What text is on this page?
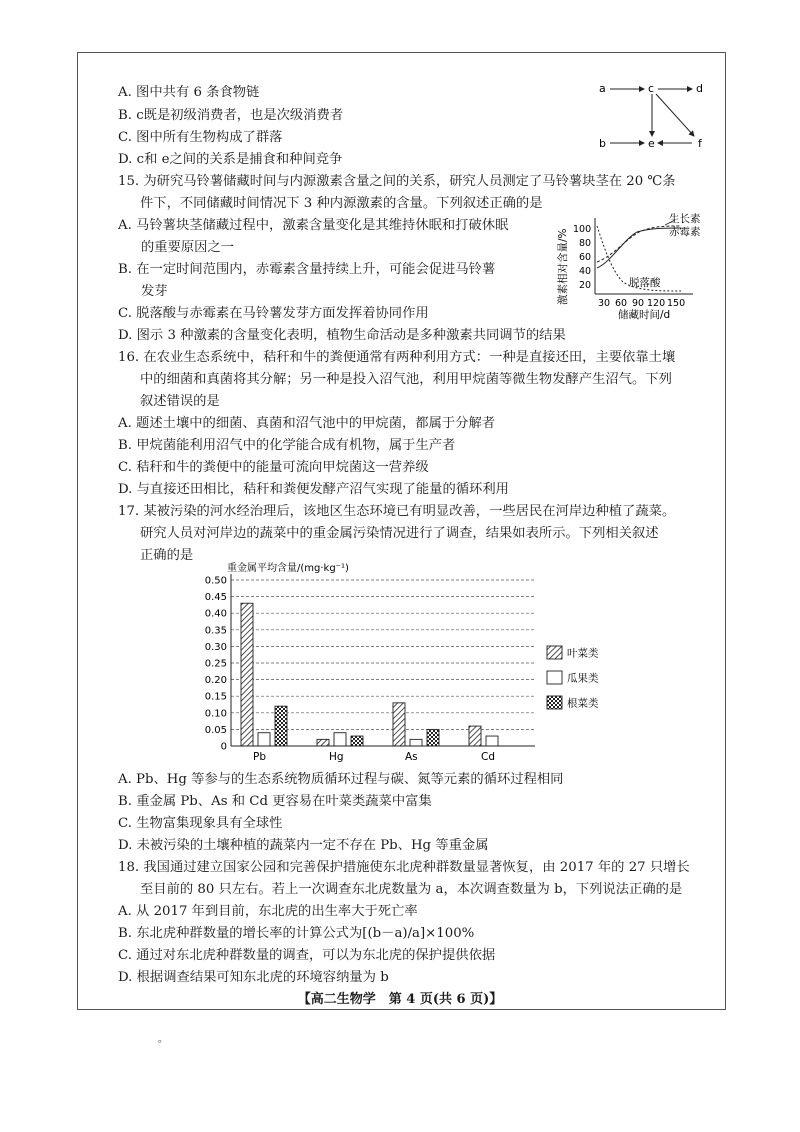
A. 图中共有 6 条食物链
B. c既是初级消费者，也是次级消费者
C. 图中所有生物构成了群落
D. c和 e之间的关系是捕食和种间竞争
a	c	d
b	e	f
15. 为研究马铃薯储藏时间与内源激素含量之间的关系，研究人员测定了马铃薯块茎在 20 ℃条
件下，不同储藏时间情况下 3 种内源激素的含量。下列叙述正确的是
A. 马铃薯块茎储藏过程中，激素含量变化是其维持休眠和打破休眠
的重要原因之一
B. 在一定时间范围内，赤霉素含量持续上升，可能会促进马铃薯
发芽
C. 脱落酸与赤霉素在马铃薯发芽方面发挥着协同作用
D. 图示 3 种激素的含量变化表明，植物生命活动是多种激素共同调节的结果
激素相对含量/% 100
80
60
40
20
30 60 90 120 150
储藏时间/d
生长素
赤霉素
脱落酸
16. 在农业生态系统中，秸秆和牛的粪便通常有两种利用方式：一种是直接还田，主要依靠土壤
中的细菌和真菌将其分解；另一种是投入沼气池，利用甲烷菌等微生物发酵产生沼气。下列
叙述错误的是
A. 题述土壤中的细菌、真菌和沼气池中的甲烷菌，都属于分解者
B. 甲烷菌能利用沼气中的化学能合成有机物，属于生产者
C. 秸秆和牛的粪便中的能量可流向甲烷菌这一营养级
D. 与直接还田相比，秸秆和粪便发酵产沼气实现了能量的循环利用
17. 某被污染的河水经治理后，该地区生态环境已有明显改善，一些居民在河岸边种植了蔬菜。
研究人员对河岸边的蔬菜中的重金属污染情况进行了调查，结果如表所示。下列相关叙述
正确的是
重金属平均含量/(mg·kg⁻¹)
0
0.05
0.10
0.15
0.20
0.25
0.30
0.35
0.40
0.45
0.50
Pb	Hg	As	Cd
叶菜类
瓜果类
根菜类
A. Pb、Hg 等参与的生态系统物质循环过程与碳、氮等元素的循环过程相同
B. 重金属 Pb、As 和 Cd 更容易在叶菜类蔬菜中富集
C. 生物富集现象具有全球性
D. 未被污染的土壤种植的蔬菜内一定不存在 Pb、Hg 等重金属
18. 我国通过建立国家公园和完善保护措施使东北虎种群数量显著恢复，由 2017 年的 27 只增长
至目前的 80 只左右。若上一次调查东北虎数量为 a，本次调查数量为 b，下列说法正确的是
A. 从 2017 年到目前，东北虎的出生率大于死亡率
B. 东北虎种群数量的增长率的计算公式为[(b－a)/a]×100%
C. 通过对东北虎种群数量的调查，可以为东北虎的保护提供依据
D. 根据调查结果可知东北虎的环境容纳量为 b
【高二生物学　第 4 页(共 6 页)】
。
